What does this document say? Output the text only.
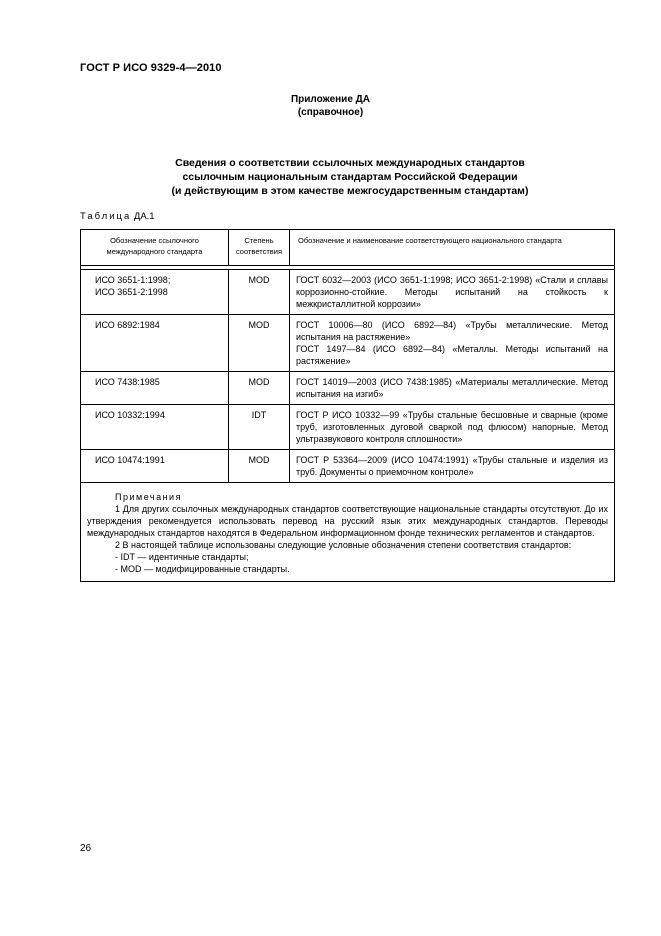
ГОСТ Р ИСО 9329-4—2010
Приложение ДА
(справочное)
Сведения о соответствии ссылочных международных стандартов
ссылочным национальным стандартам Российской Федерации
(и действующим в этом качестве межгосударственным стандартам)
Таблица ДА.1
Обозначение ссылочного международного стандарта	Степень соответствия	Обозначение и наименование соответствующего национального стандарта

ИСО 3651-1:1998;
ИСО 3651-2:1998	MOD	ГОСТ 6032—2003 (ИСО 3651-1:1998; ИСО 3651-2:1998) «Стали и сплавы коррозионно-стойкие. Методы испытаний на стойкость к межкристаллитной коррозии»
ИСО 6892:1984	MOD	ГОСТ 10006—80 (ИСО 6892—84) «Трубы металлические. Метод испытания на растяжение»
ГОСТ 1497—84 (ИСО 6892—84) «Металлы. Методы испытаний на растяжение»
ИСО 7438:1985	MOD	ГОСТ 14019—2003 (ИСО 7438:1985) «Материалы металлические. Метод испытания на изгиб»
ИСО 10332:1994	IDT	ГОСТ Р ИСО 10332—99 «Трубы стальные бесшовные и сварные (кроме труб, изготовленных дуговой сваркой под флюсом) напорные. Метод ультразвукового контроля сплошности»
ИСО 10474:1991	MOD	ГОСТ Р 53364—2009 (ИСО 10474:1991) «Трубы стальные и изделия из труб. Документы о приемочном контроле»

Примечания

1 Для других ссылочных международных стандартов соответствующие национальные стандарты отсутствуют. До их утверждения рекомендуется использовать перевод на русский язык этих международных стандартов. Переводы международных стандартов находятся в Федеральном информационном фонде технических регламентов и стандартов.

2 В настоящей таблице использованы следующие условные обозначения степени соответствия стандартов:

- IDT — идентичные стандарты;

- MOD — модифицированные стандарты.		

26
